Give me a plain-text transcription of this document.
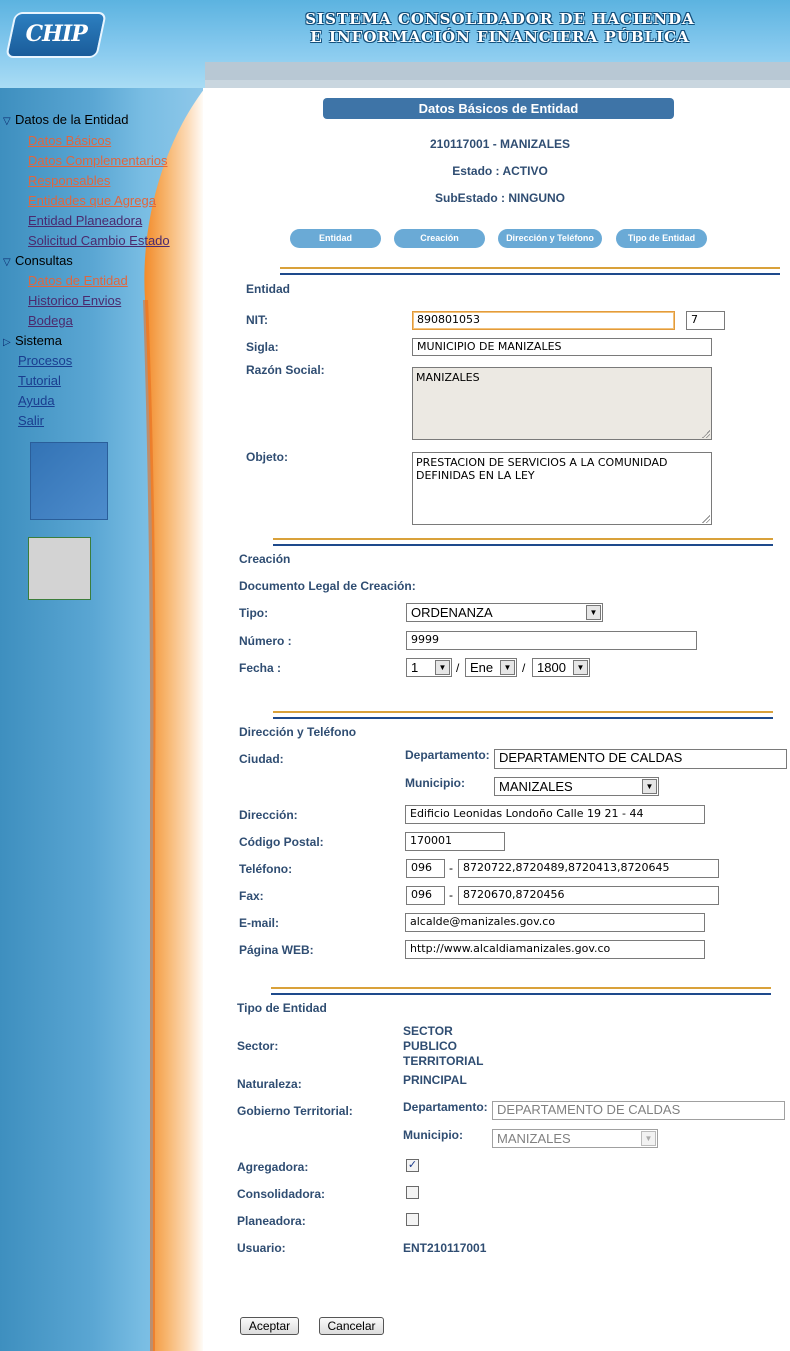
CHIP
SISTEMA CONSOLIDADOR DE HACIENDA
E INFORMACIÓN FINANCIERA PÚBLICA
▽ Datos de la Entidad
Datos Básicos
Datos Complementarios
Responsables
Entidades que Agrega
Entidad Planeadora
Solicitud Cambio Estado
▽ Consultas
Datos de Entidad
Historico Envios
Bodega
▷ Sistema
Procesos
Tutorial
Ayuda
Salir
Datos Básicos de Entidad
210117001 - MANIZALES
Estado : ACTIVO
SubEstado : NINGUNO
Entidad	Creación	Dirección y Teléfono	Tipo de Entidad
Entidad
NIT:	890801053	7
Sigla:	MUNICIPIO DE MANIZALES
Razón Social:
MANIZALES
Objeto:	PRESTACION DE SERVICIOS A LA COMUNIDAD DEFINIDAS EN LA LEY
Creación
Documento Legal de Creación:
Tipo:	ORDENANZA	▼
Número :	9999
Fecha :	1	▼ / Ene	▼ / 1800	▼
Dirección y Teléfono
Ciudad:	Departamento: DEPARTAMENTO DE CALDAS
Municipio:	MANIZALES	▼
Dirección:	Edificio Leonidas Londoño Calle 19 21 - 44
Código Postal:	170001
Teléfono:	096	- 8720722,8720489,8720413,8720645
Fax:	096	- 8720670,8720456
E-mail:	alcalde@manizales.gov.co
Página WEB:	http://www.alcaldiamanizales.gov.co
Tipo de Entidad
Sector:
SECTOR
PUBLICO
TERRITORIAL
Naturaleza:	PRINCIPAL
Gobierno Territorial:	Departamento: DEPARTAMENTO DE CALDAS
Municipio:	MANIZALES	▼
Agregadora:	✓
Consolidadora:
Planeadora:
Usuario:	ENT210117001
Aceptar	Cancelar
